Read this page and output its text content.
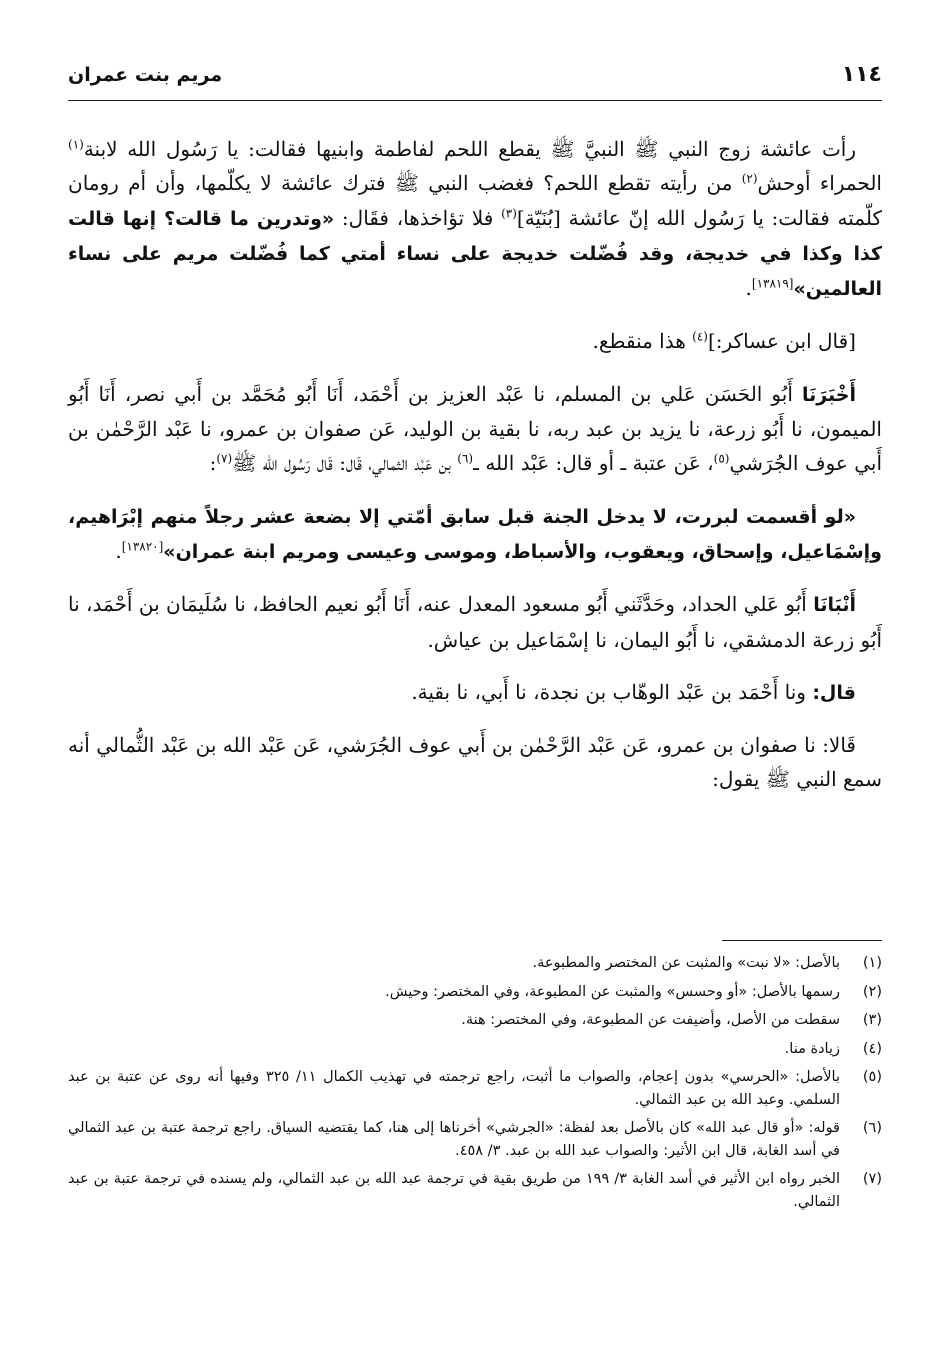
١١٤
مريم بنت عمران

رأت عائشة زوج النبي ﷺ النبيَّ ﷺ يقطع اللحم لفاطمة وابنيها فقالت: يا رَسُول الله لابنة$^{(١)}$ الحمراء أوحش$^{(٢)}$ من رأيته تقطع اللحم؟ فغضب النبي ﷺ فترك عائشة لا يكلّمها، وأن أم رومان كلّمته فقالت: يا رَسُول الله إنّ عائشة [بُنَيّة]$^{(٣)}$ فلا تؤاخذها، فقَال: «وتدرين ما قالت؟ إنها قالت كذا وكذا في خديجة، وقد فُضّلت خديجة على نساء أمتي كما فُضّلت مريم على نساء العالمين»[١٣٨١٩].

[قال ابن عساكر:]$^{(٤)}$ هذا منقطع.

أَخْبَرَنَا أَبُو الحَسَن عَلي بن المسلم، نا عَبْد العزيز بن أَحْمَد، أَنَا أَبُو مُحَمَّد بن أَبي نصر، أَنَا أَبُو الميمون، نا أَبُو زرعة، نا يزيد بن عبد ربه، نا بقية بن الوليد، عَن صفوان بن عمرو، نا عَبْد الرَّحْمٰن بن أَبي عوف الجُرَشي$^{(٥)}$، عَن عتبة ـ أو قال: عَبْد الله ـ$^{(٦)}$ بن عَبْد الثمالي، قَال: قَال رَسُول الله ﷺ$^{(٧)}$:

«لو أقسمت لبررت، لا يدخل الجنة قبل سابق أمّتي إلا بضعة عشر رجلاً منهم إبْرَاهيم، وإسْمَاعيل، وإسحاق، ويعقوب، والأسباط، وموسى وعيسى ومريم ابنة عمران»[١٣٨٢٠].

أَنْبَانَا أَبُو عَلي الحداد، وحَدَّثَني أَبُو مسعود المعدل عنه، أَنَا أَبُو نعيم الحافظ، نا سُلَيمَان بن أَحْمَد، نا أَبُو زرعة الدمشقي، نا أَبُو اليمان، نا إسْمَاعيل بن عياش.

قال: ونا أَحْمَد بن عَبْد الوهّاب بن نجدة، نا أَبي، نا بقية.

قَالا: نا صفوان بن عمرو، عَن عَبْد الرَّحْمٰن بن أَبي عوف الجُرَشي، عَن عَبْد الله بن عَبْد الثُّمالي أنه سمع النبي ﷺ يقول:

(١)
بالأصل: «لا نبت» والمثبت عن المختصر والمطبوعة.
(٢)
رسمها بالأصل: «أو وحسس» والمثبت عن المطبوعة، وفي المختصر: وحيش.
(٣)
سقطت من الأصل، وأضيفت عن المطبوعة، وفي المختصر: هنة.
(٤)
زيادة منا.
(٥)
بالأصل: «الحرسي» بدون إعجام، والصواب ما أثبت، راجع ترجمته في تهذيب الكمال ١١/ ٣٢٥ وفيها أنه روى عن عتبة بن عبد السلمي. وعبد الله بن عبد الثمالي.
(٦)
قوله: «أو قال عبد الله» كان بالأصل بعد لفظة: «الجرشي» أخرناها إلى هنا، كما يقتضيه السياق. راجع ترجمة عتبة بن عبد الثمالي في أسد الغابة، قال ابن الأثير: والصواب عبد الله بن عبد. ٣/ ٤٥٨.
(٧)
الخبر رواه ابن الأثير في أسد الغابة ٣/ ١٩٩ من طريق بقية في ترجمة عبد الله بن عبد الثمالي، ولم يسنده في ترجمة عتبة بن عبد الثمالي.
